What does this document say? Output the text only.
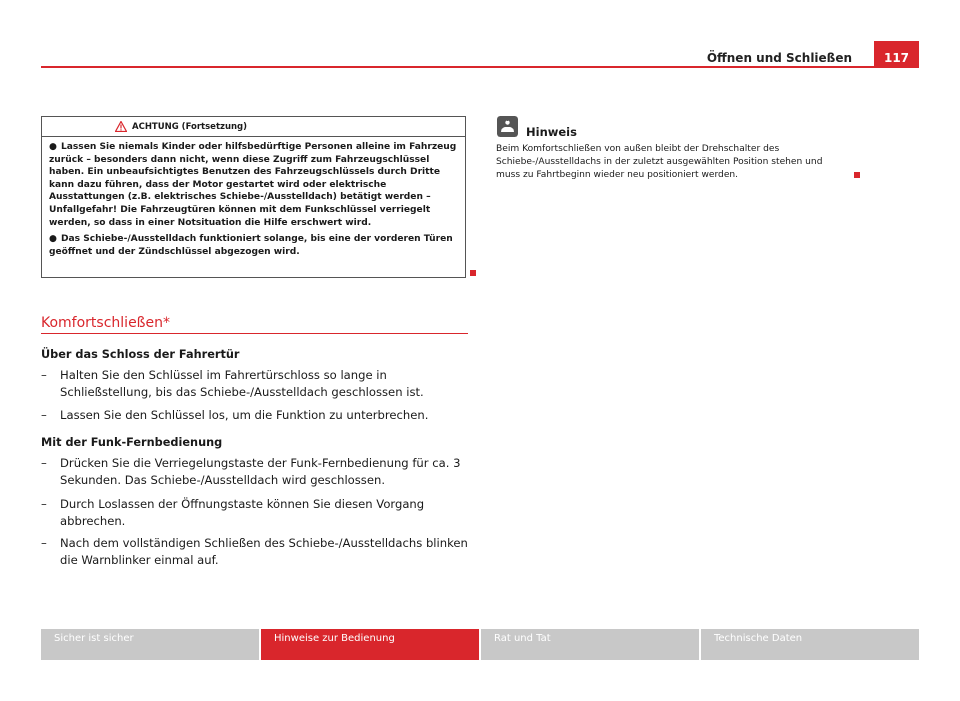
Öffnen und Schließen	117
ACHTUNG (Fortsetzung)

● Lassen Sie niemals Kinder oder hilfsbedürftige Personen alleine im Fahrzeug zurück – besonders dann nicht, wenn diese Zugriff zum Fahrzeugschlüssel haben. Ein unbeaufsichtigtes Benutzen des Fahrzeugschlüssels durch Dritte kann dazu führen, dass der Motor gestartet wird oder elektrische Ausstattungen (z.B. elektrisches Schiebe-/Ausstelldach) betätigt werden – Unfallgefahr! Die Fahrzeugtüren können mit dem Funkschlüssel verriegelt werden, so dass in einer Notsituation die Hilfe erschwert wird.

● Das Schiebe-/Ausstelldach funktioniert solange, bis eine der vorderen Türen geöffnet und der Zündschlüssel abgezogen wird.

Komfortschließen*
Über das Schloss der Fahrertür
– Halten Sie den Schlüssel im Fahrertürschloss so lange in Schließstellung, bis das Schiebe-/Ausstelldach geschlossen ist.
– Lassen Sie den Schlüssel los, um die Funktion zu unterbrechen.
Mit der Funk-Fernbedienung
– Drücken Sie die Verriegelungstaste der Funk-Fernbedienung für ca. 3 Sekunden. Das Schiebe-/Ausstelldach wird geschlossen.
– Durch Loslassen der Öffnungstaste können Sie diesen Vorgang abbrechen.
– Nach dem vollständigen Schließen des Schiebe-/Ausstelldachs blinken die Warnblinker einmal auf.
Hinweis
Beim Komfortschließen von außen bleibt der Drehschalter des Schiebe-/Ausstelldachs in der zuletzt ausgewählten Position stehen und muss zu Fahrtbeginn wieder neu positioniert werden.
Sicher ist sicher	Hinweise zur Bedienung	Rat und Tat	Technische Daten
